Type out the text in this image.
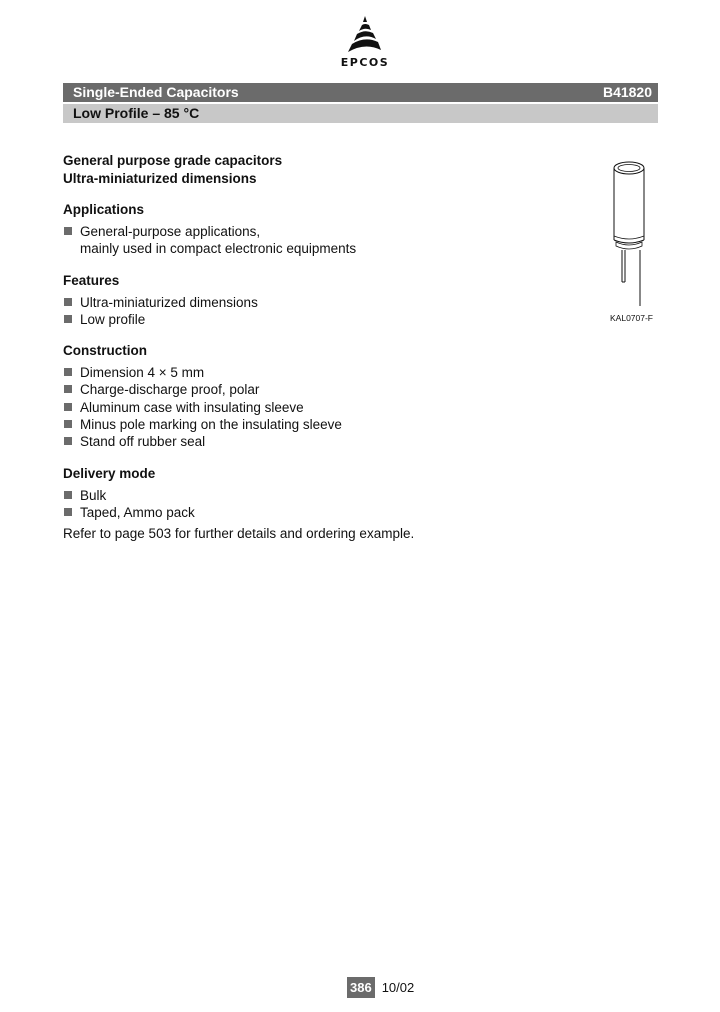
EPCOS
Single-Ended Capacitors	B41820
Low Profile – 85 °C
General purpose grade capacitors
Ultra-miniaturized dimensions
Applications
General-purpose applications,
mainly used in compact electronic equipments
Features
Ultra-miniaturized dimensions
Low profile
Construction
Dimension 4 × 5 mm
Charge-discharge proof, polar
Aluminum case with insulating sleeve
Minus pole marking on the insulating sleeve
Stand off rubber seal
Delivery mode
Bulk
Taped, Ammo pack
Refer to page 503 for further details and ordering example.
KAL0707-F
386 10/02
